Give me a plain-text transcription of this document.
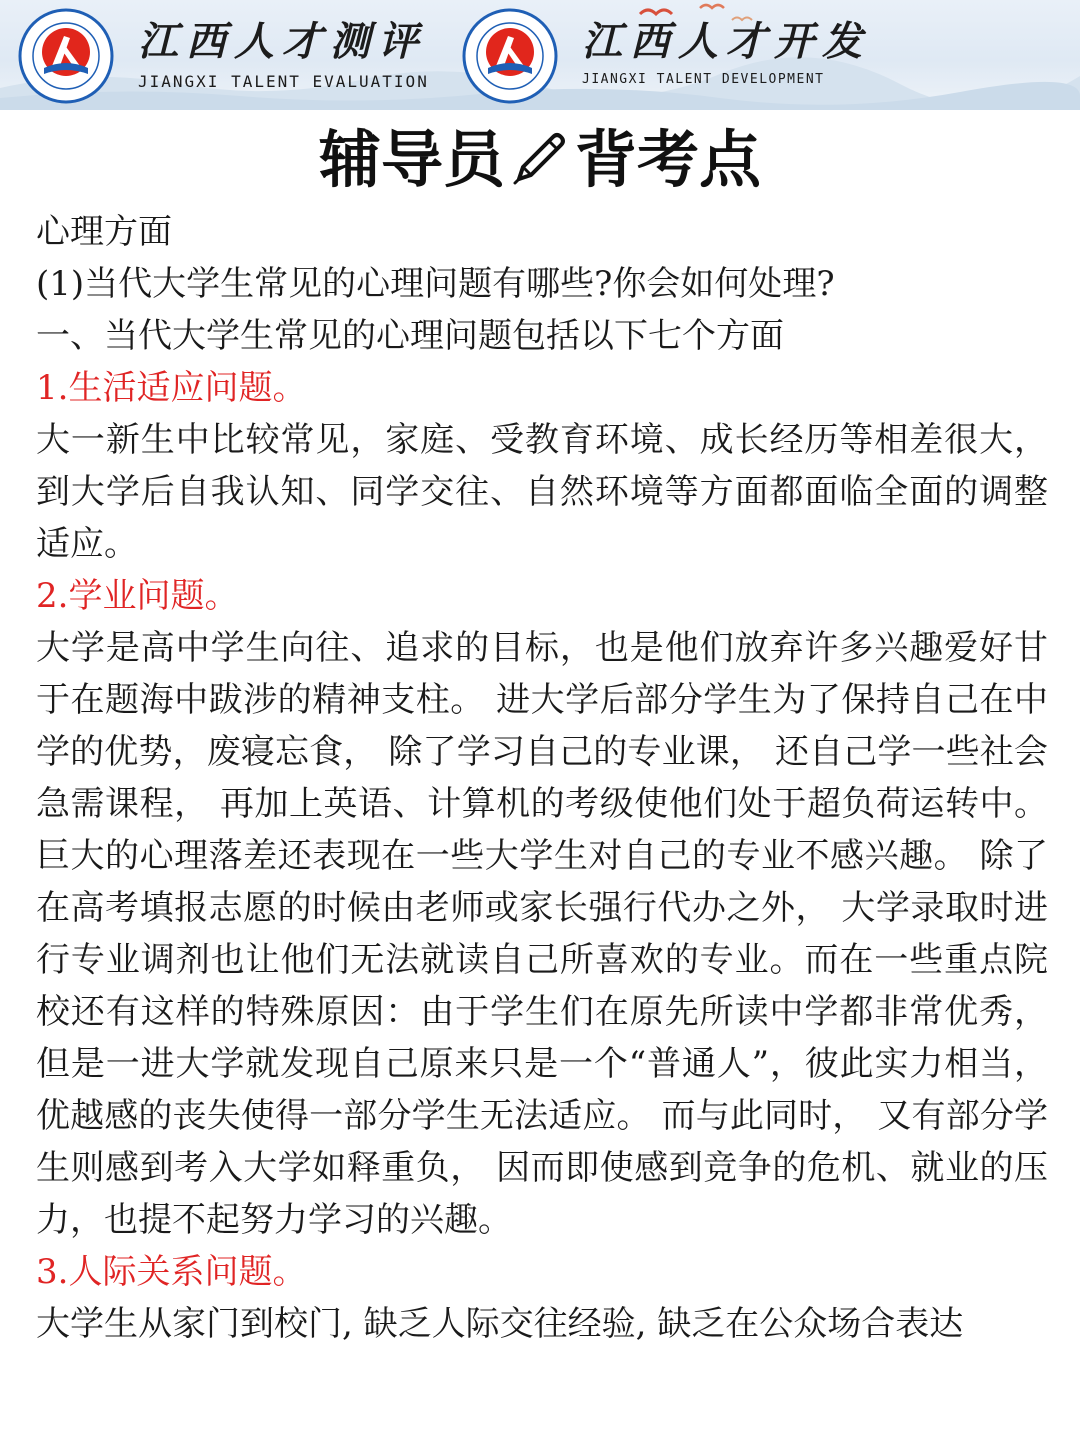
江西人才测评
JIANGXI TALENT EVALUATION
江西人才开发
JIANGXI TALENT DEVELOPMENT
辅导员 背考点

心理方面

(1)当代大学生常见的心理问题有哪些?你会如何处理?

一、当代大学生常见的心理问题包括以下七个方面

1.生活适应问题。

大一新生中比较常见，家庭、受教育环境、成长经历等相差很大，到大学后自我认知、同学交往、自然环境等方面都面临全面的调整适应。

2.学业问题。

大学是高中学生向往、追求的目标，也是他们放弃许多兴趣爱好甘于在题海中跋涉的精神支柱。 进大学后部分学生为了保持自己在中学的优势，废寝忘食， 除了学习自己的专业课， 还自己学一些社会急需课程， 再加上英语、计算机的考级使他们处于超负荷运转中。 巨大的心理落差还表现在一些大学生对自己的专业不感兴趣。 除了在高考填报志愿的时候由老师或家长强行代办之外， 大学录取时进行专业调剂也让他们无法就读自己所喜欢的专业。而在一些重点院校还有这样的特殊原因：由于学生们在原先所读中学都非常优秀，但是一进大学就发现自己原来只是一个“普通人”，彼此实力相当，优越感的丧失使得一部分学生无法适应。 而与此同时， 又有部分学生则感到考入大学如释重负， 因而即使感到竞争的危机、就业的压力，也提不起努力学习的兴趣。

3.人际关系问题。

大学生从家门到校门, 缺乏人际交往经验, 缺乏在公众场合表达
